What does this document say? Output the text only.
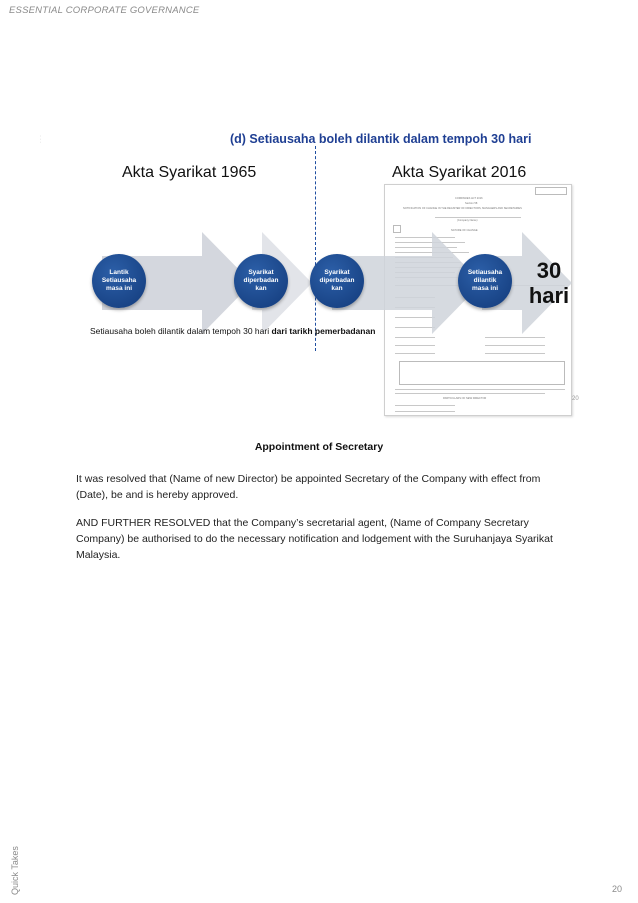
ESSENTIAL CORPORATE GOVERNANCE
· · ·	(d) Setiausaha boleh dilantik dalam tempoh 30 hari
Akta Syarikat 1965	Akta Syarikat 2016
COMPANIES ACT 2016
Section 58
NOTIFICATION OF CHANGE IN THE REGISTER OF DIRECTORS, MANAGERS AND SECRETARIES
(Company Name)
NATURE OF CHANGE
PARTICULARS OF NEW DIRECTOR	20
Lantik Setiausaha masa ini
Syarikat diperbadan kan
Syarikat diperbadan kan
Setiausaha dilantik masa ini
30
hari
Setiausaha boleh dilantik dalam tempoh 30 hari dari tarikh pemerbadanan
Appointment of Secretary
It was resolved that (Name of new Director) be appointed Secretary of the Company with effect from (Date), be and is hereby approved.
AND FURTHER RESOLVED that the Company’s secretarial agent, (Name of Company Secretary Company) be authorised to do the necessary notification and lodgement with the Suruhanjaya Syarikat Malaysia.
Quick Takes	20
